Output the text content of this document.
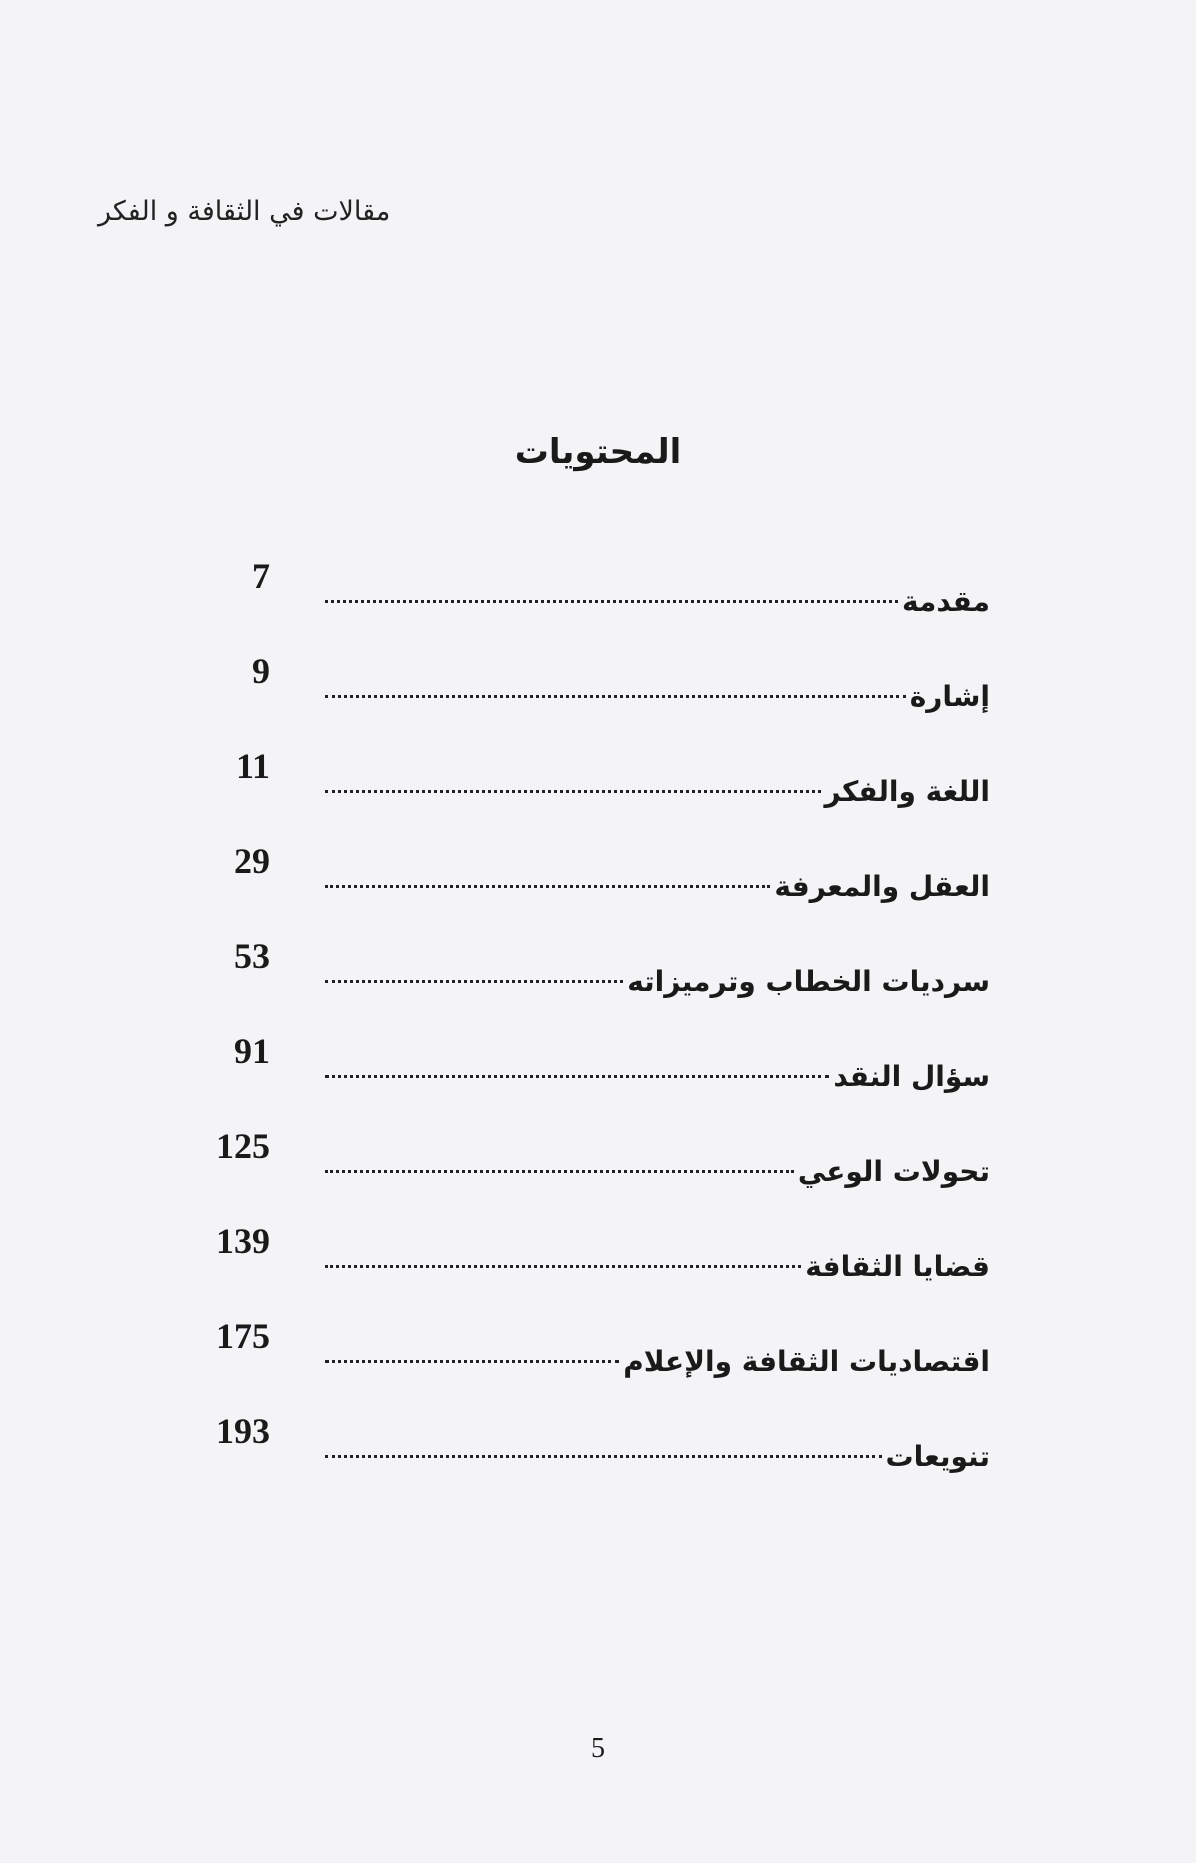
مقالات في الثقافة و الفكر
المحتويات
7
مقدمة
9
إشارة
11
اللغة والفكر
29
العقل والمعرفة
53
سرديات الخطاب وترميزاته
91
سؤال النقد
125
تحولات الوعي
139
قضايا الثقافة
175
اقتصاديات الثقافة والإعلام
193
تنويعات
5
